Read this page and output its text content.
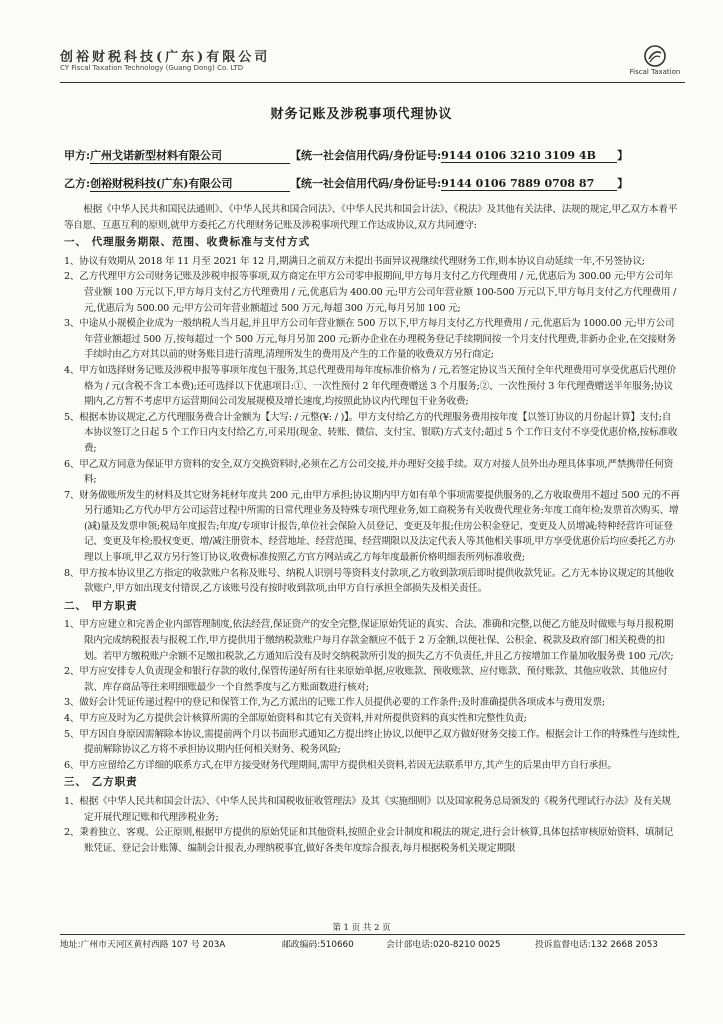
创裕财税科技(广东)有限公司
CY Fiscal Taxation Technology (Guang Dong) Co. LTD	Fiscal Taxation
财务记账及涉税事项代理协议
甲方:广州戈诺新型材料有限公司	【统一社会信用代码/身份证号:9144 0106 3210 3109 4B 】
乙方:创裕财税科技(广东)有限公司	【统一社会信用代码/身份证号:9144 0106 7889 0708 87 】

根据《中华人民共和国民法通则》、《中华人民共和国合同法》、《中华人民共和国会计法》、《税法》及其他有关法律、法规的规定,甲乙双方本着平等自愿、互惠互利的原则,就甲方委托乙方代理财务记账及涉税事项代理工作达成协议,双方共同遵守:

一、 代理服务期限、范围、收费标准与支付方式

1、协议有效期从 2018 年 11 月至 2021 年 12 月,期满日之前双方未提出书面异议视继续代理财务工作,则本协议自动延续一年,不另签协议;

2、乙方代理甲方公司财务记账及涉税申报等事项,双方商定在甲方公司零申报期间,甲方每月支付乙方代理费用 / 元,优惠后为 300.00 元;甲方公司年营业额 100 万元以下,甲方每月支付乙方代理费用 / 元,优惠后为 400.00 元;甲方公司年营业额 100-500 万元以下,甲方每月支付乙方代理费用 / 元,优惠后为 500.00 元;甲方公司年营业额超过 500 万元,每超 300 万元,每月另加 100 元;

3、中途从小规模企业成为一般纳税人当月起,并且甲方公司年营业额在 500 万以下,甲方每月支付乙方代理费用 / 元,优惠后为 1000.00 元;甲方公司年营业额超过 500 万,按每超过一个 500 万元,每月另加 200 元;新办企业在办理税务登记手续期间按一个月支付代理费,非新办企业,在交接财务手续时由乙方对其以前的财务账目进行清理,清理所发生的费用及产生的工作量的收费双方另行商定;

4、甲方如选择财务记账及涉税申报等事项年度包干服务,其总代理费用每年度标准价格为 / 元,若签定协议当天预付全年代理费用可享受优惠后代理价格为 / 元(含税不含工本费);还可选择以下优惠项目:①、一次性预付 2 年代理费赠送 3 个月服务;②、一次性预付 3 年代理费赠送半年服务;协议期内,乙方暂不考虑甲方运营期间公司发展规模及增长速度,均按照此协议内代理包干业务收费;

5、根据本协议规定,乙方代理服务费合计金额为【大写: / 元整(¥: / )】。甲方支付给乙方的代理服务费用按年度【以签订协议的月份起计算】支付;自本协议签订之日起 5 个工作日内支付给乙方,可采用(现金、转账、微信、支付宝、银联)方式支付;超过 5 个工作日支付不享受优惠价格,按标准收费;

6、甲乙双方同意为保证甲方资料的安全,双方交换资料时,必须在乙方公司交接,并办理好交接手续。双方对接人员外出办理具体事项,严禁携带任何资料;

7、财务做账所发生的材料及其它财务耗材年度共 200 元,由甲方承担;协议期内甲方如有单个事项需要提供服务的,乙方收取费用不超过 500 元的不再另行通知;乙方代办甲方公司运营过程中所需的日常代理业务及特殊专项代理业务,如工商税务有关收费代理业务:年度工商年检;发票首次购买、增(减)量及发票申领;税局年度报告;年度/专项审计报告,单位社会保险入员登记、变更及年报;住房公积金登记、变更及人员增减;特种经营许可证登记、变更及年检;股权变更、增/减注册资本、经营地址、经营范围、经营期限以及法定代表人等其他相关事项,甲方享受优惠价后均应委托乙方办理以上事项,甲乙双方另行签订协议,收费标准按照乙方官方网站或乙方每年度最新价格明细表所列标准收费;

8、甲方按本协议里乙方指定的收款账户名称及账号、纳税人识别号等资料支付款项,乙方收到款项后即时提供收款凭证。乙方无本协议规定的其他收款账户,甲方如出现支付错误,乙方该账号没有按时收到款项,由甲方自行承担全部损失及相关责任。

二、 甲方职责

1、甲方应建立和完善企业内部管理制度,依法经营,保证资产的安全完整,保证原始凭证的真实、合法、准确和完整,以便乙方能及时做账与每月报税期限内完成纳税报表与报税工作,甲方提供用于缴纳税款账户每月存款金额应不低于 2 万金额,以便社保、公积金、税款及政府部门相关税费的扣划。若甲方缴税账户余额不足缴扣税款,乙方通知后没有及时交纳税款所引发的损失乙方不负责任,并且乙方按增加工作量加收服务费 100 元/次;

2、甲方应安排专人负责现金和银行存款的收付,保管传递好所有往来原始单据,应收账款、预收账款、应付账款、预付账款、其他应收款、其他应付款、库存商品等往来明细账最少一个自然季度与乙方账面数进行核对;

3、做好会计凭证传递过程中的登记和保管工作,为乙方派出的记账工作人员提供必要的工作条件;及时准确提供各项成本与费用发票;

4、甲方应及时为乙方提供会计核算所需的全部原始资料和其它有关资料,并对所提供资料的真实性和完整性负责;

5、甲方因自身原因需解除本协议,需提前两个月以书面形式通知乙方提出终止协议,以便甲乙双方做好财务交接工作。根据会计工作的特殊性与连续性,提前解除协议乙方将不承担协议期内任何相关财务、税务风险;

6、甲方应留给乙方详细的联系方式,在甲方接受财务代理期间,需甲方提供相关资料,若因无法联系甲方,其产生的后果由甲方自行承担。

三、 乙方职责

1、根据《中华人民共和国会计法》、《中华人民共和国税收征收管理法》及其《实施细则》以及国家税务总局颁发的《税务代理试行办法》及有关规定开展代理记账和代理涉税业务;

2、秉着独立、客观、公正原则,根据甲方提供的原始凭证和其他资料,按照企业会计制度和税法的规定,进行会计核算,具体包括审核原始资料、填制记账凭证、登记会计账簿、编制会计报表,办理纳税事宜,做好各类年度综合报表,每月根据税务机关规定期限

第 1 页 共 2 页
地址:广州市天河区黄村西路 107 号 203A	邮政编码:510660	会计部电话:020-8210 0025	投诉监督电话:132 2668 2053
